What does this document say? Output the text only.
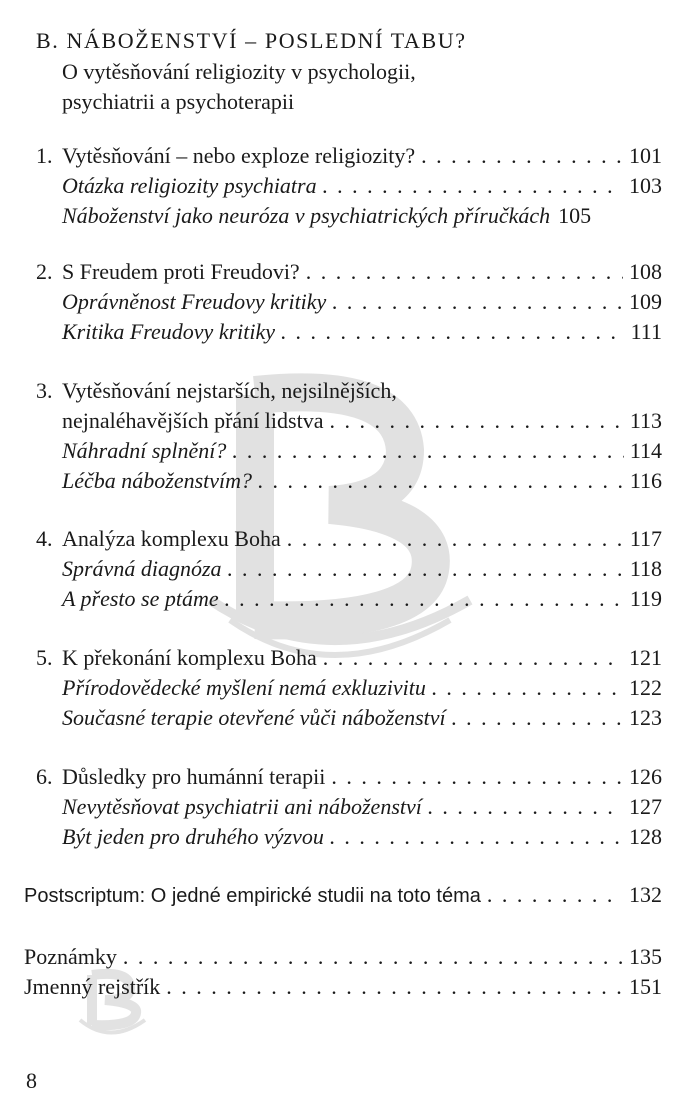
B. NÁBOŽENSTVÍ – POSLEDNÍ TABU?
O vytěsňování religiozity v psychologii,
psychiatrii a psychoterapii
1. Vytěsňování – nebo exploze religiozity? . . .	101
Otázka religiozity psychiatra . . .	103
Náboženství jako neuróza v psychiatrických příručkách 105
2. S Freudem proti Freudovi? . . .	108
Oprávněnost Freudovy kritiky . . .	109
Kritika Freudovy kritiky . . .	111
3. Vytěsňování nejstarších, nejsilnějších,
nejnaléhavějších přání lidstva . . .	113
Náhradní splnění? . . .	114
Léčba náboženstvím? . . .	116
4. Analýza komplexu Boha . . .	117
Správná diagnóza . . .	118
A přesto se ptáme . . .	119
5. K překonání komplexu Boha . . .	121
Přírodovědecké myšlení nemá exkluzivitu . . .	122
Současné terapie otevřené vůči náboženství . . .	123
6. Důsledky pro humánní terapii . . .	126
Nevytěsňovat psychiatrii ani náboženství . . .	127
Být jeden pro druhého výzvou . . .	128
Postscriptum: O jedné empirické studii na toto téma . . .	132
Poznámky . . .	135
Jmenný rejstřík . . .	151
8
